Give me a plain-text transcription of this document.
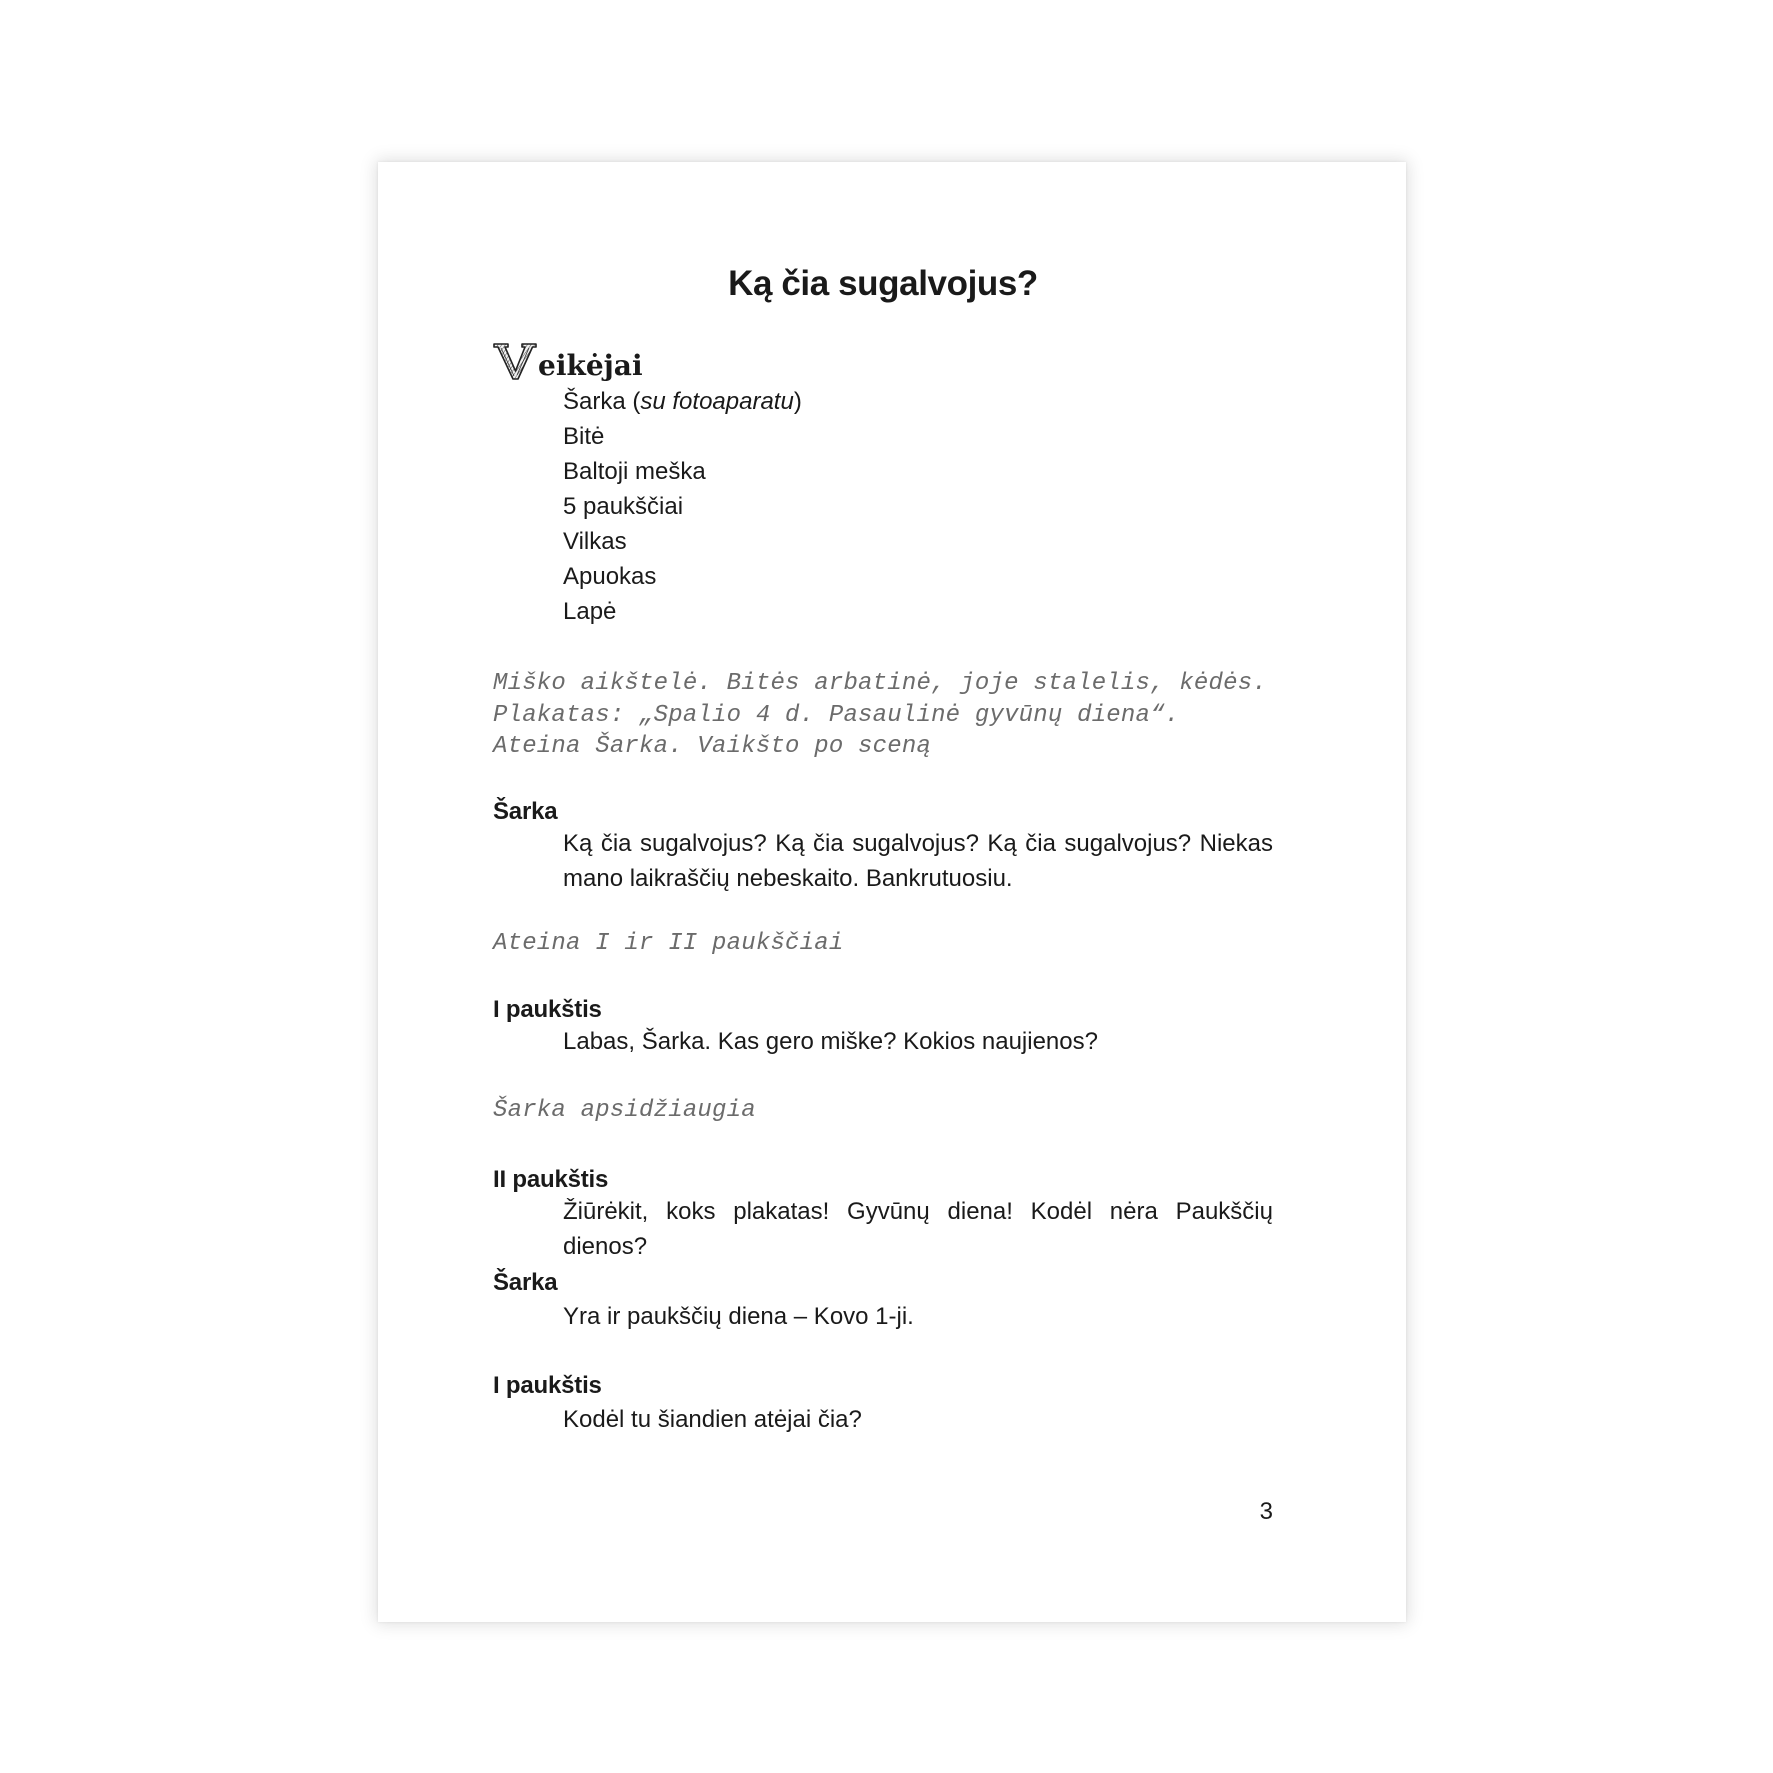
Ką čia sugalvojus?
eikėjai
Šarka (su fotoaparatu)
Bitė
Baltoji meška
5 paukščiai
Vilkas
Apuokas
Lapė
Miško aikštelė. Bitės arbatinė, joje stalelis, kėdės.
Plakatas: „Spalio 4 d. Pasaulinė gyvūnų diena“.
Ateina Šarka. Vaikšto po sceną
Šarka
Ką čia sugalvojus? Ką čia sugalvojus? Ką čia sugalvojus? Niekas mano laikraščių nebeskaito. Bankrutuosiu.
Ateina I ir II paukščiai
I paukštis
Labas, Šarka. Kas gero miške? Kokios naujienos?
Šarka apsidžiaugia
II paukštis
Žiūrėkit, koks plakatas! Gyvūnų diena! Kodėl nėra Paukščių dienos?
Šarka
Yra ir paukščių diena – Kovo 1-ji.
I paukštis
Kodėl tu šiandien atėjai čia?
3
